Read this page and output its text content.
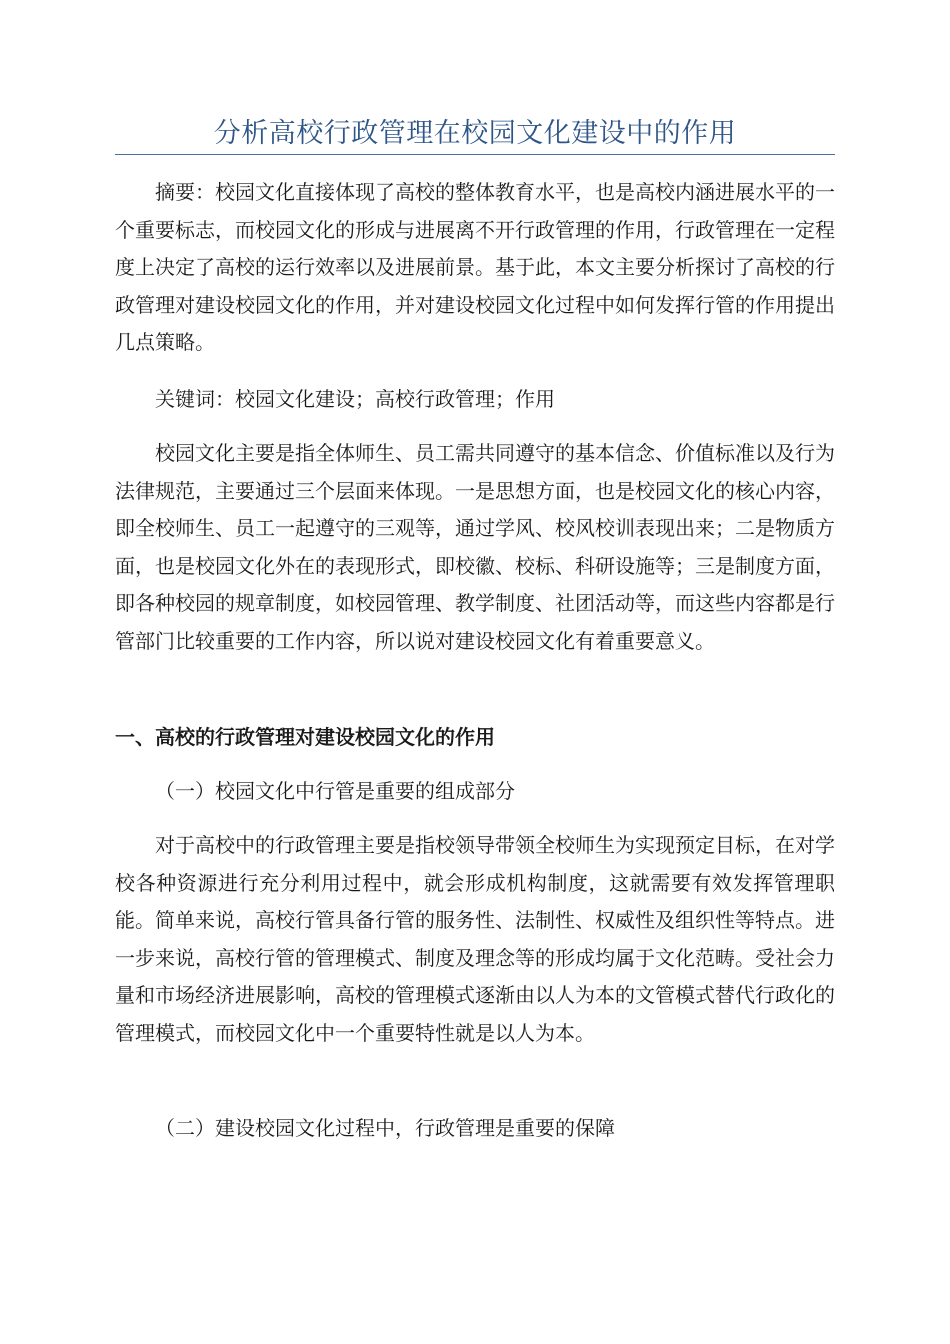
分析高校行政管理在校园文化建设中的作用

摘要：校园文化直接体现了高校的整体教育水平，也是高校内涵进展水平的一个重要标志，而校园文化的形成与进展离不开行政管理的作用，行政管理在一定程度上决定了高校的运行效率以及进展前景。基于此，本文主要分析探讨了高校的行政管理对建设校园文化的作用，并对建设校园文化过程中如何发挥行管的作用提出几点策略。

关键词：校园文化建设；高校行政管理；作用

校园文化主要是指全体师生、员工需共同遵守的基本信念、价值标准以及行为法律规范，主要通过三个层面来体现。一是思想方面，也是校园文化的核心内容，即全校师生、员工一起遵守的三观等，通过学风、校风校训表现出来；二是物质方面，也是校园文化外在的表现形式，即校徽、校标、科研设施等；三是制度方面，即各种校园的规章制度，如校园管理、教学制度、社团活动等，而这些内容都是行管部门比较重要的工作内容，所以说对建设校园文化有着重要意义。

一、高校的行政管理对建设校园文化的作用

（一）校园文化中行管是重要的组成部分

对于高校中的行政管理主要是指校领导带领全校师生为实现预定目标，在对学校各种资源进行充分利用过程中，就会形成机构制度，这就需要有效发挥管理职能。简单来说，高校行管具备行管的服务性、法制性、权威性及组织性等特点。进一步来说，高校行管的管理模式、制度及理念等的形成均属于文化范畴。受社会力量和市场经济进展影响，高校的管理模式逐渐由以人为本的文管模式替代行政化的管理模式，而校园文化中一个重要特性就是以人为本。

（二）建设校园文化过程中，行政管理是重要的保障
